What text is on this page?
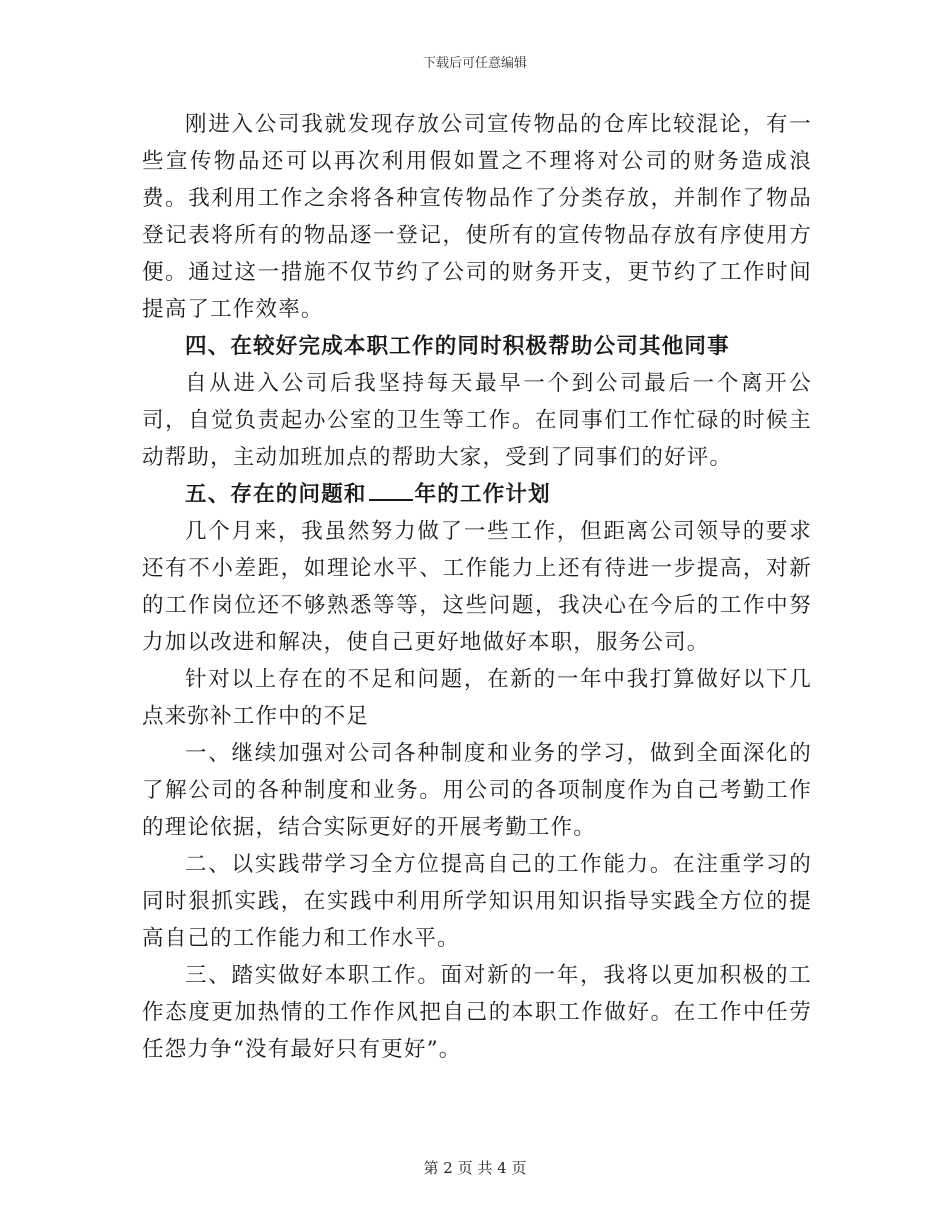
下载后可任意编辑

刚进入公司我就发现存放公司宣传物品的仓库比较混论，有一些宣传物品还可以再次利用假如置之不理将对公司的财务造成浪费。我利用工作之余将各种宣传物品作了分类存放，并制作了物品登记表将所有的物品逐一登记，使所有的宣传物品存放有序使用方便。通过这一措施不仅节约了公司的财务开支，更节约了工作时间提高了工作效率。

四、在较好完成本职工作的同时积极帮助公司其他同事

自从进入公司后我坚持每天最早一个到公司最后一个离开公司，自觉负责起办公室的卫生等工作。在同事们工作忙碌的时候主动帮助，主动加班加点的帮助大家，受到了同事们的好评。

五、存在的问题和 年的工作计划

几个月来，我虽然努力做了一些工作，但距离公司领导的要求还有不小差距，如理论水平、工作能力上还有待进一步提高，对新的工作岗位还不够熟悉等等，这些问题，我决心在今后的工作中努力加以改进和解决，使自己更好地做好本职，服务公司。

针对以上存在的不足和问题，在新的一年中我打算做好以下几点来弥补工作中的不足

一、继续加强对公司各种制度和业务的学习，做到全面深化的了解公司的各种制度和业务。用公司的各项制度作为自己考勤工作的理论依据，结合实际更好的开展考勤工作。

二、以实践带学习全方位提高自己的工作能力。在注重学习的同时狠抓实践，在实践中利用所学知识用知识指导实践全方位的提高自己的工作能力和工作水平。

三、踏实做好本职工作。面对新的一年，我将以更加积极的工作态度更加热情的工作作风把自己的本职工作做好。在工作中任劳任怨力争“没有最好只有更好”。

第 2 页 共 4 页
